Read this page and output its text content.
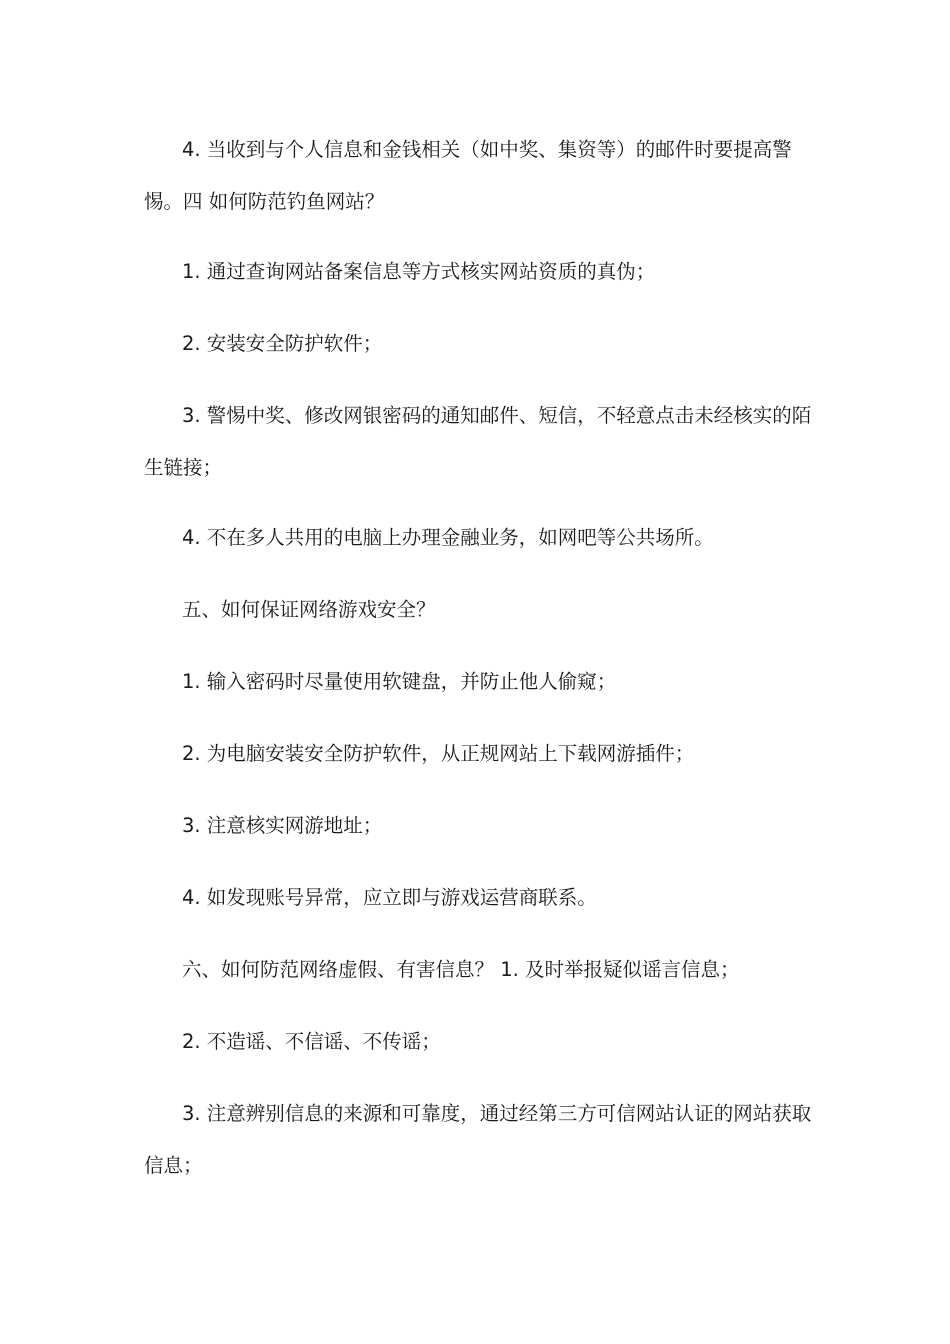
4. 当收到与个人信息和金钱相关（如中奖、集资等）的邮件时要提高警惕。四 如何防范钓鱼网站？

1. 通过查询网站备案信息等方式核实网站资质的真伪；

2. 安装安全防护软件；

3. 警惕中奖、修改网银密码的通知邮件、短信，不轻意点击未经核实的陌生链接；

4. 不在多人共用的电脑上办理金融业务，如网吧等公共场所。

五、如何保证网络游戏安全？

1. 输入密码时尽量使用软键盘，并防止他人偷窥；

2. 为电脑安装安全防护软件，从正规网站上下载网游插件；

3. 注意核实网游地址；

4. 如发现账号异常，应立即与游戏运营商联系。

六、如何防范网络虚假、有害信息？ 1. 及时举报疑似谣言信息；

2. 不造谣、不信谣、不传谣；

3. 注意辨别信息的来源和可靠度，通过经第三方可信网站认证的网站获取信息；
